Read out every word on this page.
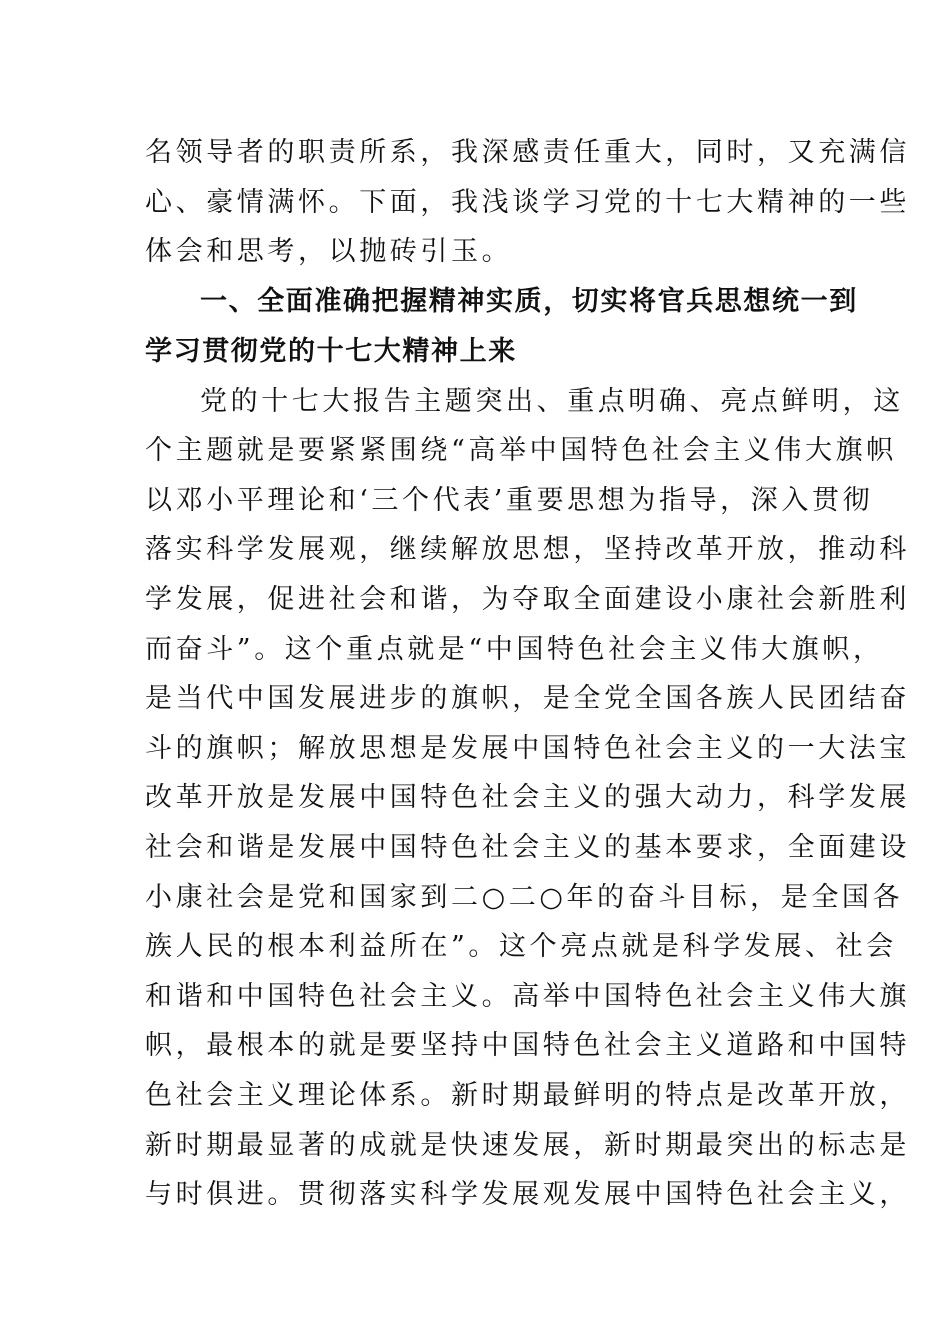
名领导者的职责所系，我深感责任重大，同时，又充满信
心、豪情满怀。下面，我浅谈学习党的十七大精神的一些
体会和思考，以抛砖引玉。
一、全面准确把握精神实质，切实将官兵思想统一到
学习贯彻党的十七大精神上来
党的十七大报告主题突出、重点明确、亮点鲜明，这
个主题就是要紧紧围绕“高举中国特色社会主义伟大旗帜
以邓小平理论和‘三个代表’重要思想为指导，深入贯彻
落实科学发展观，继续解放思想，坚持改革开放，推动科
学发展，促进社会和谐，为夺取全面建设小康社会新胜利
而奋斗”。这个重点就是“中国特色社会主义伟大旗帜，
是当代中国发展进步的旗帜，是全党全国各族人民团结奋
斗的旗帜；解放思想是发展中国特色社会主义的一大法宝
改革开放是发展中国特色社会主义的强大动力，科学发展
社会和谐是发展中国特色社会主义的基本要求，全面建设
小康社会是党和国家到二○二○年的奋斗目标，是全国各
族人民的根本利益所在”。这个亮点就是科学发展、社会
和谐和中国特色社会主义。高举中国特色社会主义伟大旗
帜，最根本的就是要坚持中国特色社会主义道路和中国特
色社会主义理论体系。新时期最鲜明的特点是改革开放，
新时期最显著的成就是快速发展，新时期最突出的标志是
与时俱进。贯彻落实科学发展观发展中国特色社会主义，
